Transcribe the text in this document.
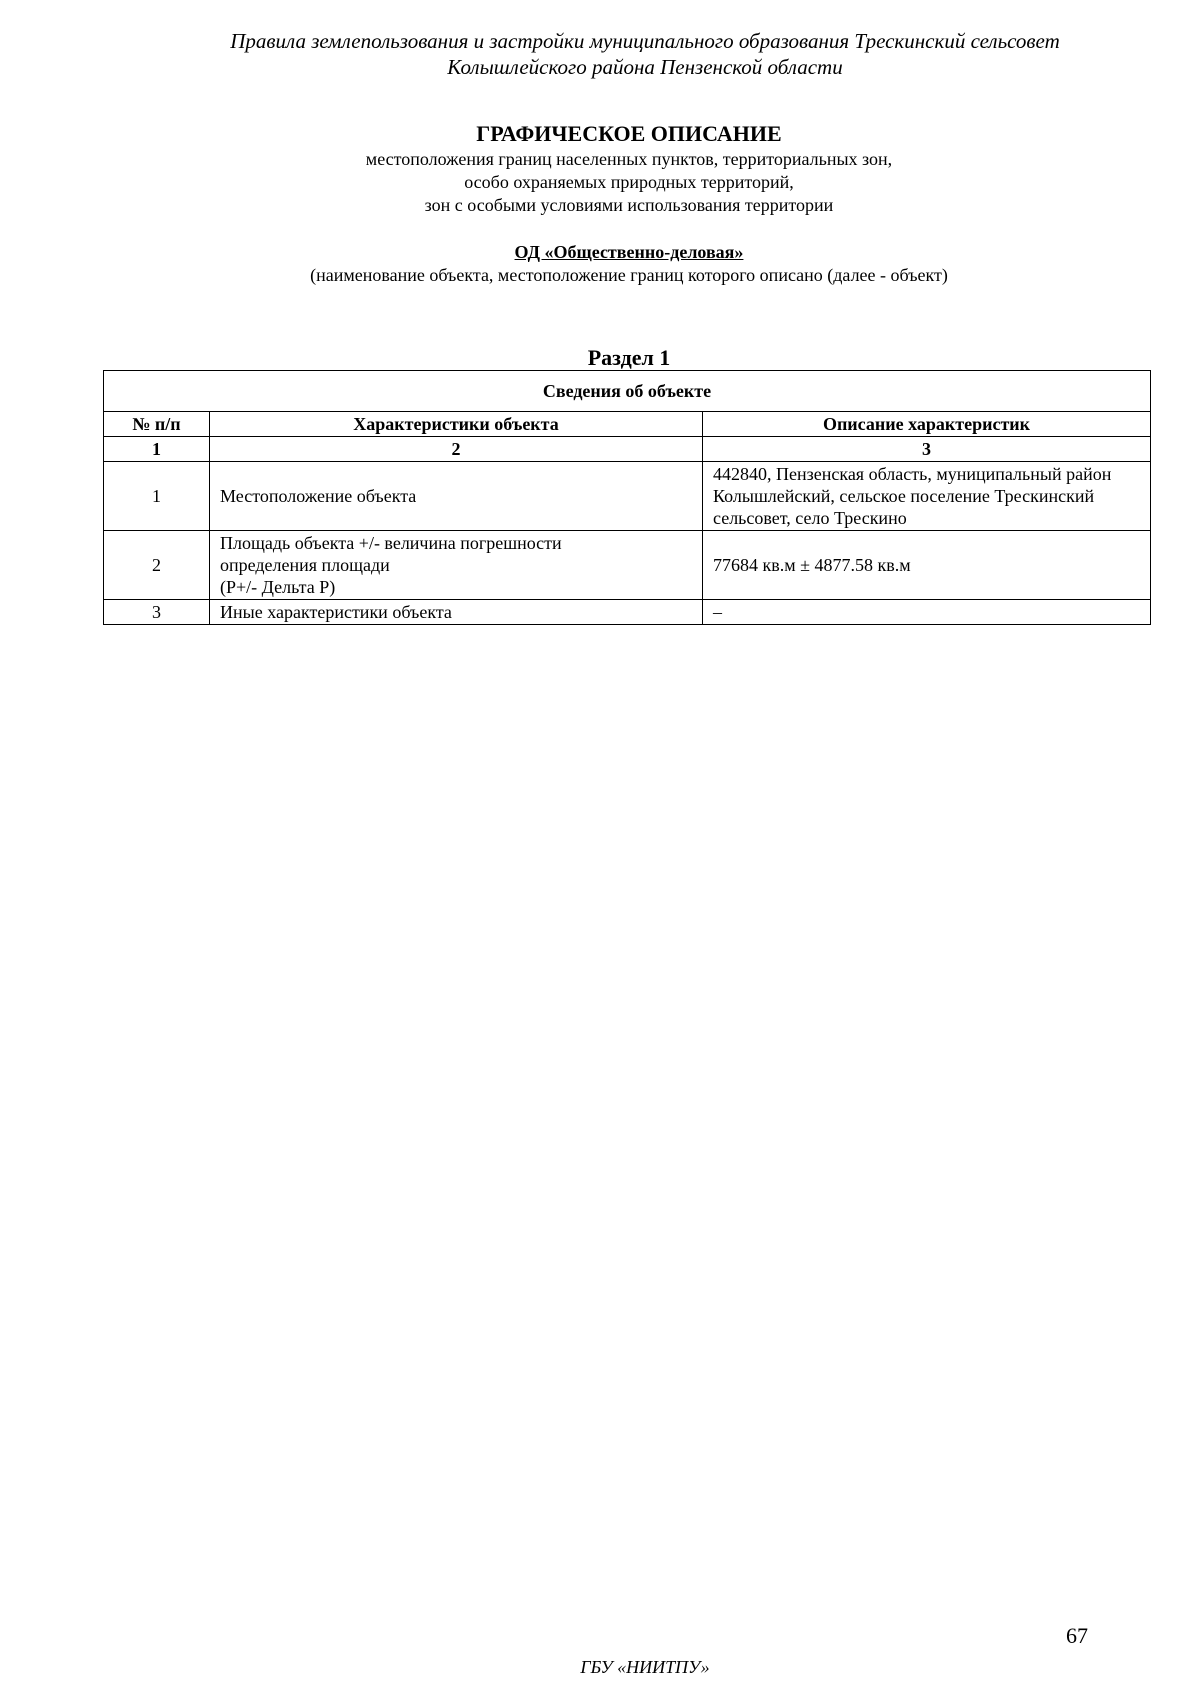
Правила землепользования и застройки муниципального образования Трескинский сельсовет
Колышлейского района Пензенской области
ГРАФИЧЕСКОЕ ОПИСАНИЕ
местоположения границ населенных пунктов, территориальных зон,
особо охраняемых природных территорий,
зон с особыми условиями использования территории
ОД «Общественно-деловая»
(наименование объекта, местоположение границ которого описано (далее - объект)
Раздел 1
Сведения об объекте		
№ п/п	Характеристики объекта	Описание характеристик
1	2	3
1	Местоположение объекта	442840, Пензенская область, муниципальный район
Колышлейский, сельское поселение Трескинский
сельсовет, село Трескино

2	Площадь объекта +/- величина погрешности
определения площади
(P+/- Дельта P)	77684 кв.м ± 4877.58 кв.м

3	Иные характеристики объекта	–
67
ГБУ «НИИТПУ»
